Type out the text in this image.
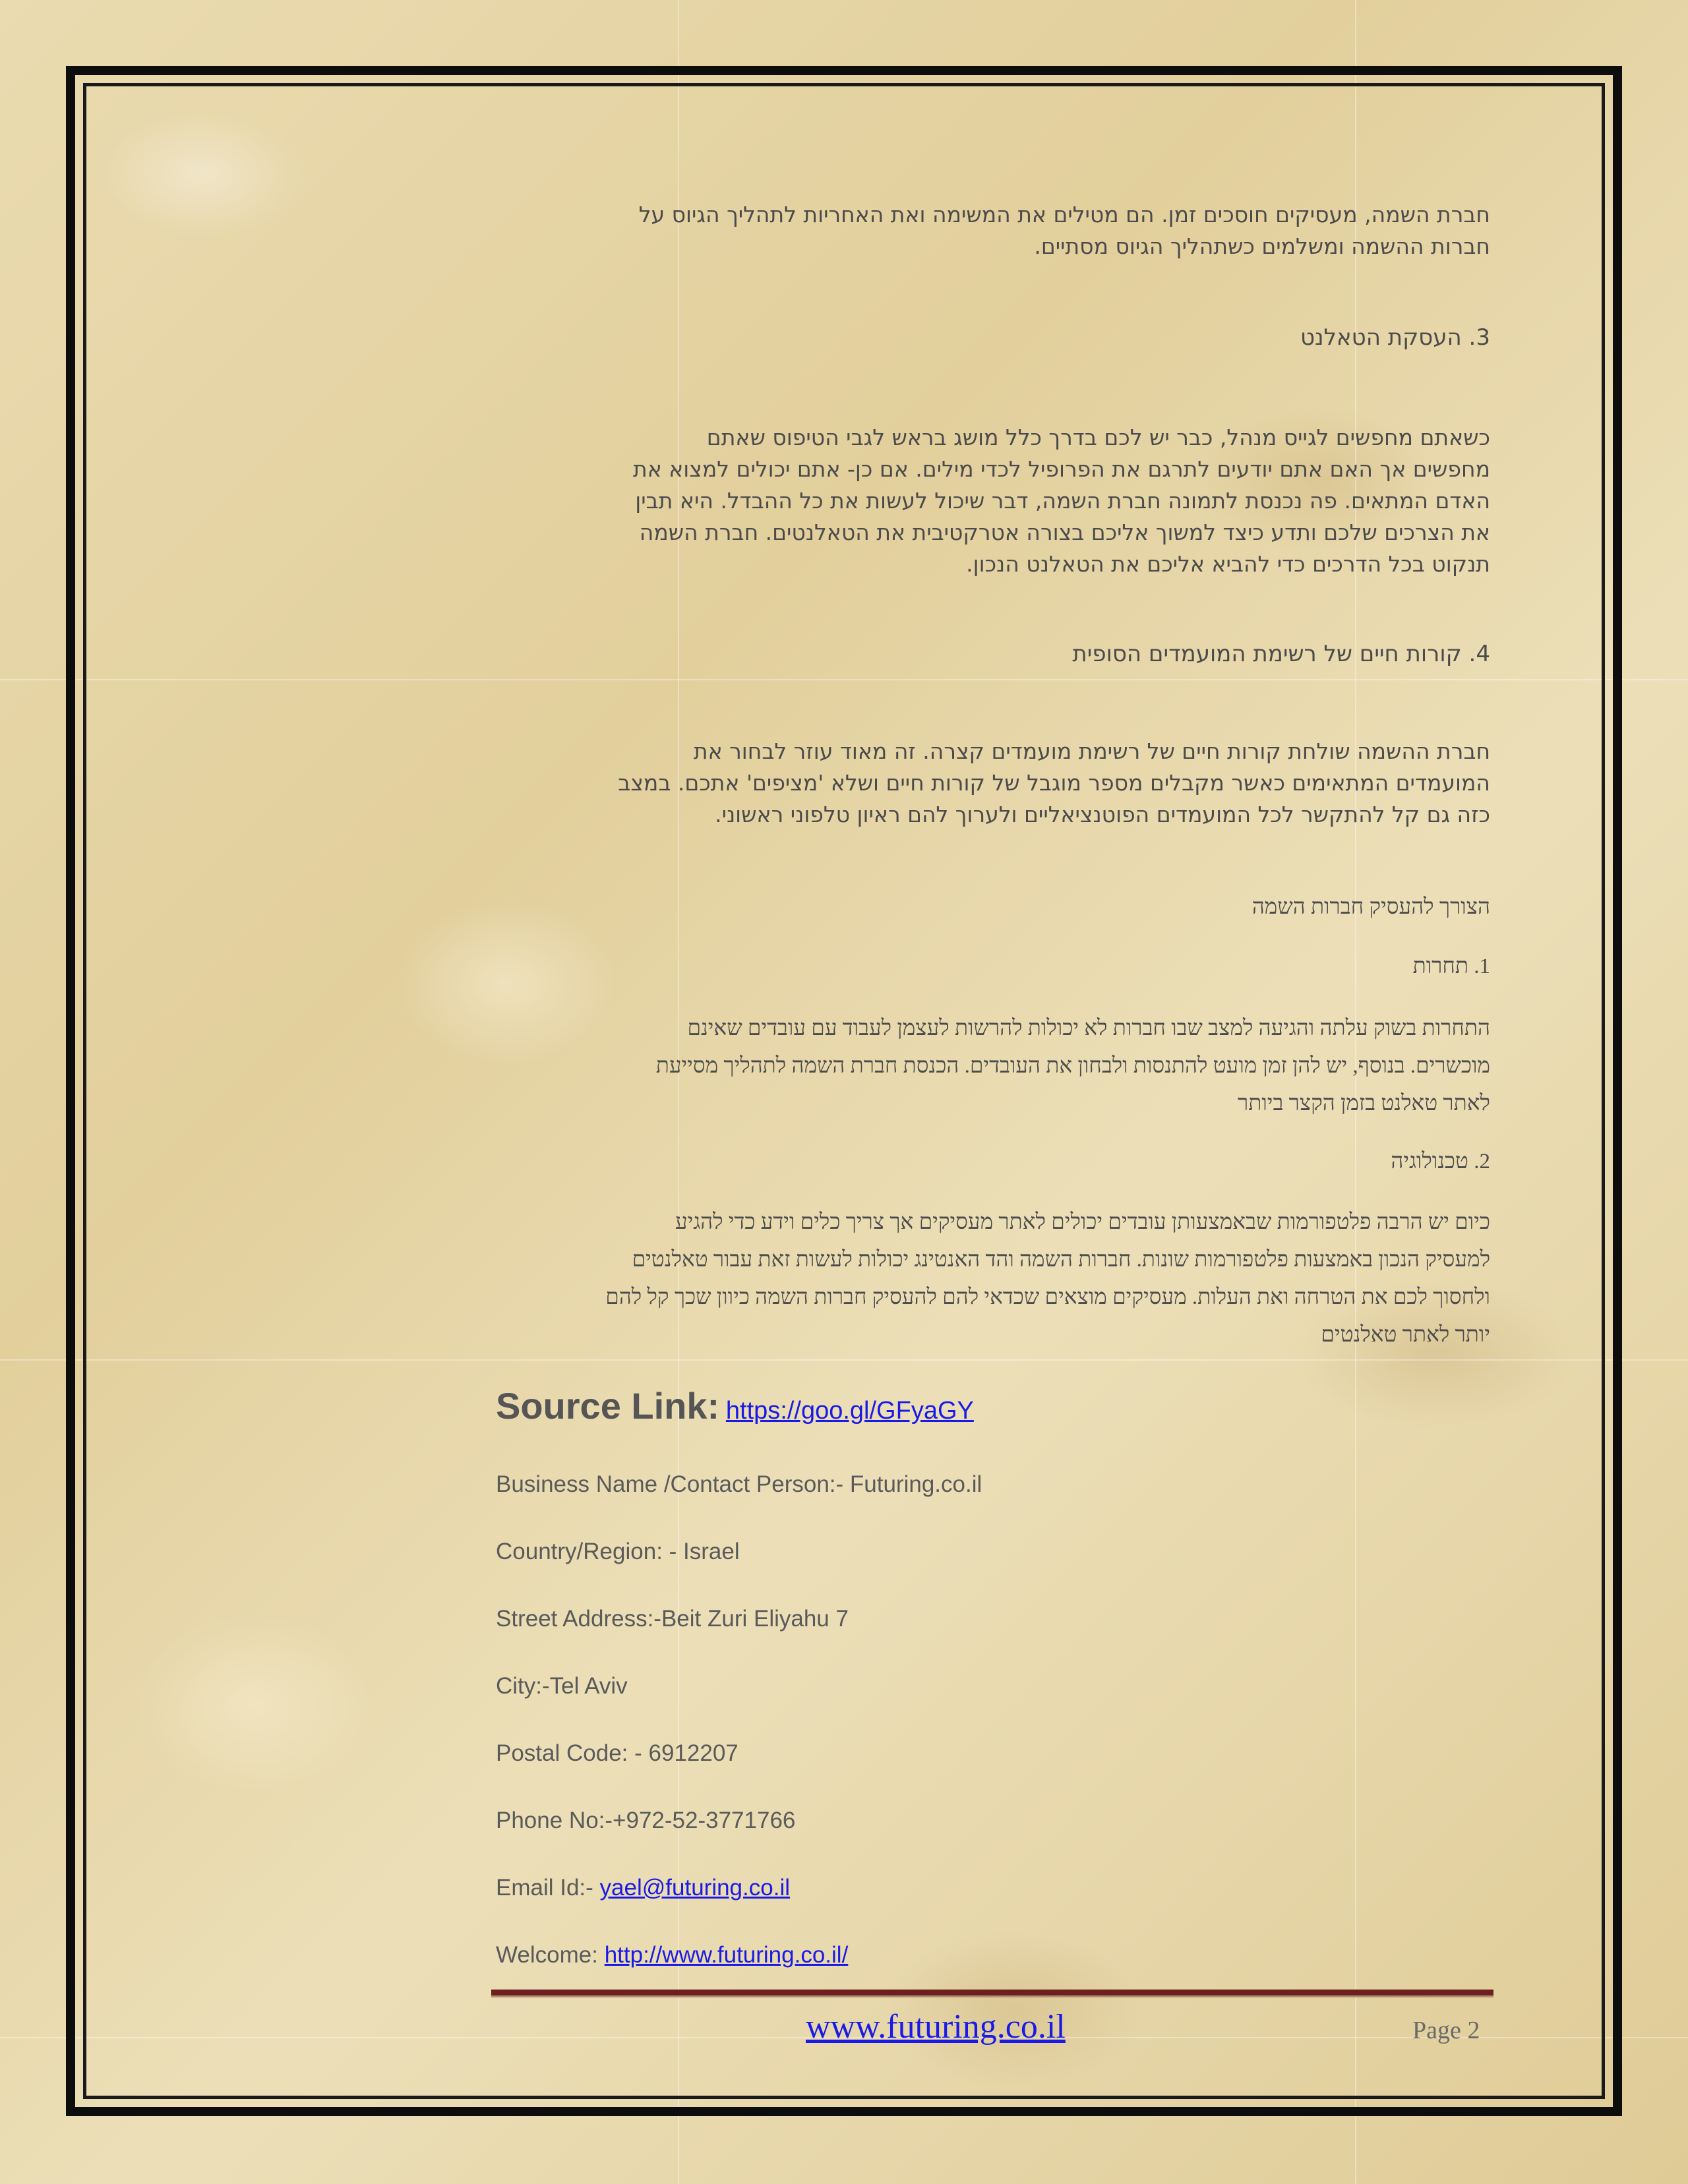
חברת השמה, מעסיקים חוסכים זמן. הם מטילים את המשימה ואת האחריות לתהליך הגיוס על

חברות ההשמה ומשלמים כשתהליך הגיוס מסתיים.

3. העסקת הטאלנט

כשאתם מחפשים לגייס מנהל, כבר יש לכם בדרך כלל מושג בראש לגבי הטיפוס שאתם

מחפשים אך האם אתם יודעים לתרגם את הפרופיל לכדי מילים. אם כן- אתם יכולים למצוא את

האדם המתאים. פה נכנסת לתמונה חברת השמה, דבר שיכול לעשות את כל ההבדל. היא תבין

את הצרכים שלכם ותדע כיצד למשוך אליכם בצורה אטרקטיבית את הטאלנטים. חברת השמה

תנקוט בכל הדרכים כדי להביא אליכם את הטאלנט הנכון.

4. קורות חיים של רשימת המועמדים הסופית

חברת ההשמה שולחת קורות חיים של רשימת מועמדים קצרה. זה מאוד עוזר לבחור את

המועמדים המתאימים כאשר מקבלים מספר מוגבל של קורות חיים ושלא 'מציפים' אתכם. במצב

כזה גם קל להתקשר לכל המועמדים הפוטנציאליים ולערוך להם ראיון טלפוני ראשוני.

הצורך להעסיק חברות השמה
1. תחרות

התחרות בשוק עלתה והגיעה למצב שבו חברות לא יכולות להרשות לעצמן לעבוד עם עובדים שאינם

מוכשרים. בנוסף, יש להן זמן מועט להתנסות ולבחון את העובדים. הכנסת חברת השמה לתהליך מסייעת

לאתר טאלנט בזמן הקצר ביותר

2. טכנולוגיה

כיום יש הרבה פלטפורמות שבאמצעותן עובדים יכולים לאתר מעסיקים אך צריך כלים וידע כדי להגיע

למעסיק הנכון באמצעות פלטפורמות שונות. חברות השמה והד האנטינג יכולות לעשות זאת עבור טאלנטים

ולחסוך לכם את הטרחה ואת העלות. מעסיקים מוצאים שכדאי להם להעסיק חברות השמה כיוון שכך קל להם

יותר לאתר טאלנטים

Source Link: https://goo.gl/GFyaGY
Business Name /Contact Person:- Futuring.co.il
Country/Region: - Israel
Street Address:-Beit Zuri Eliyahu 7
City:-Tel Aviv
Postal Code: - 6912207
Phone No:-+972-52-3771766
Email Id:- yael@futuring.co.il
Welcome: http://www.futuring.co.il/
www.futuring.co.il	Page 2
